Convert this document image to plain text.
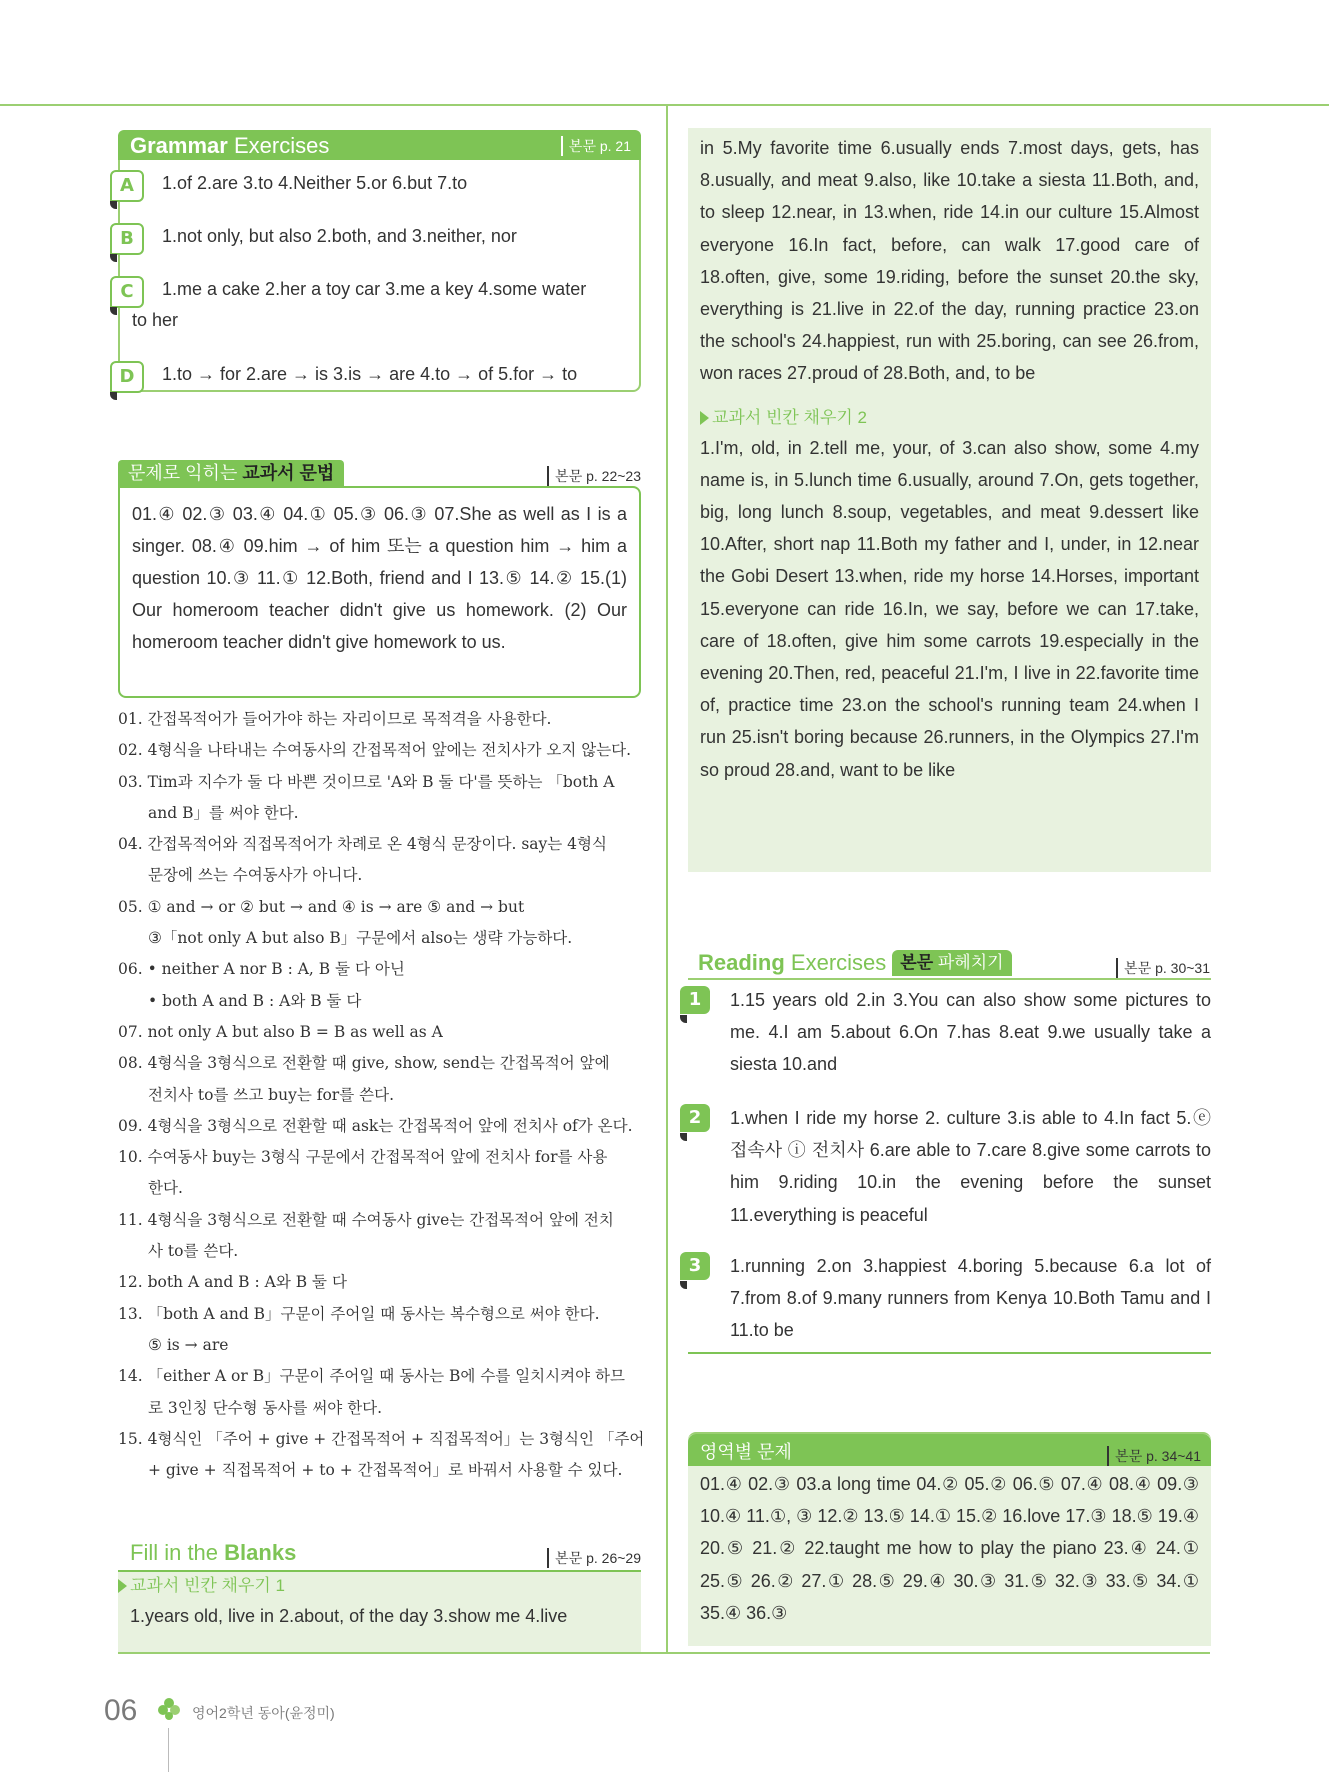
Grammar Exercises	본문 p. 21
A	1.of 2.are 3.to 4.Neither 5.or 6.but 7.to
B	1.not only, but also 2.both, and 3.neither, nor
C	1.me a cake 2.her a toy car 3.me a key 4.some water
to her
D	1.to → for 2.are → is 3.is → are 4.to → of 5.for → to
문제로 익히는 교과서 문법	본문 p. 22~23
01.④ 02.③ 03.④ 04.① 05.③ 06.③ 07.She as well as I is a singer. 08.④ 09.him → of him 또는 a question him → him a question 10.③ 11.① 12.Both, friend and I 13.⑤ 14.② 15.(1) Our homeroom teacher didn't give us homework. (2) Our homeroom teacher didn't give homework to us.
01. 간접목적어가 들어가야 하는 자리이므로 목적격을 사용한다.
02. 4형식을 나타내는 수여동사의 간접목적어 앞에는 전치사가 오지 않는다.
03. Tim과 지수가 둘 다 바쁜 것이므로 'A와 B 둘 다'를 뜻하는 「both A
and B」를 써야 한다.
04. 간접목적어와 직접목적어가 차례로 온 4형식 문장이다. say는 4형식
문장에 쓰는 수여동사가 아니다.
05. ① and → or ② but → and ④ is → are ⑤ and → but
③「not only A but also B」구문에서 also는 생략 가능하다.
06. • neither A nor B : A, B 둘 다 아닌
• both A and B : A와 B 둘 다
07. not only A but also B = B as well as A
08. 4형식을 3형식으로 전환할 때 give, show, send는 간접목적어 앞에
전치사 to를 쓰고 buy는 for를 쓴다.
09. 4형식을 3형식으로 전환할 때 ask는 간접목적어 앞에 전치사 of가 온다.
10. 수여동사 buy는 3형식 구문에서 간접목적어 앞에 전치사 for를 사용
한다.
11. 4형식을 3형식으로 전환할 때 수여동사 give는 간접목적어 앞에 전치
사 to를 쓴다.
12. both A and B : A와 B 둘 다
13. 「both A and B」구문이 주어일 때 동사는 복수형으로 써야 한다.
⑤ is → are
14. 「either A or B」구문이 주어일 때 동사는 B에 수를 일치시켜야 하므
로 3인칭 단수형 동사를 써야 한다.
15. 4형식인 「주어 + give + 간접목적어 + 직접목적어」는 3형식인 「주어
+ give + 직접목적어 + to + 간접목적어」로 바꿔서 사용할 수 있다.
Fill in the Blanks	본문 p. 26~29
교과서 빈칸 채우기 1
1.years old, live in 2.about, of the day 3.show me 4.live
in 5.My favorite time 6.usually ends 7.most days, gets, has 8.usually, and meat 9.also, like 10.take a siesta 11.Both, and, to sleep 12.near, in 13.when, ride 14.in our culture 15.Almost everyone 16.In fact, before, can walk 17.good care of 18.often, give, some 19.riding, before the sunset 20.the sky, everything is 21.live in 22.of the day, running practice 23.on the school's 24.happiest, run with 25.boring, can see 26.from, won races 27.proud of 28.Both, and, to be
교과서 빈칸 채우기 2
1.I'm, old, in 2.tell me, your, of 3.can also show, some 4.my name is, in 5.lunch time 6.usually, around 7.On, gets together, big, long lunch 8.soup, vegetables, and meat 9.dessert like 10.After, short nap 11.Both my father and I, under, in 12.near the Gobi Desert 13.when, ride my horse 14.Horses, important 15.everyone can ride 16.In, we say, before we can 17.take, care of 18.often, give him some carrots 19.especially in the evening 20.Then, red, peaceful 21.I'm, I live in 22.favorite time of, practice time 23.on the school's running team 24.when I run 25.isn't boring because 26.runners, in the Olympics 27.I'm so proud 28.and, want to be like
Reading Exercises 본문 파헤치기	본문 p. 30~31
1	1.15 years old 2.in 3.You can also show some pictures to me. 4.I am 5.about 6.On 7.has 8.eat 9.we usually take a siesta 10.and
2	1.when I ride my horse 2. culture 3.is able to 4.In fact 5.ⓔ 접속사 ⓘ 전치사 6.are able to 7.care 8.give some carrots to him 9.riding 10.in the evening before the sunset 11.everything is peaceful
3	1.running 2.on 3.happiest 4.boring 5.because 6.a lot of 7.from 8.of 9.many runners from Kenya 10.Both Tamu and I 11.to be
영역별 문제	본문 p. 34~41
01.④ 02.③ 03.a long time 04.② 05.② 06.⑤ 07.④ 08.④ 09.③ 10.④ 11.①, ③ 12.② 13.⑤ 14.① 15.② 16.love 17.③ 18.⑤ 19.④ 20.⑤ 21.② 22.taught me how to play the piano 23.④ 24.① 25.⑤ 26.② 27.① 28.⑤ 29.④ 30.③ 31.⑤ 32.③ 33.⑤ 34.① 35.④ 36.③
06	영어2학년 동아(윤정미)
